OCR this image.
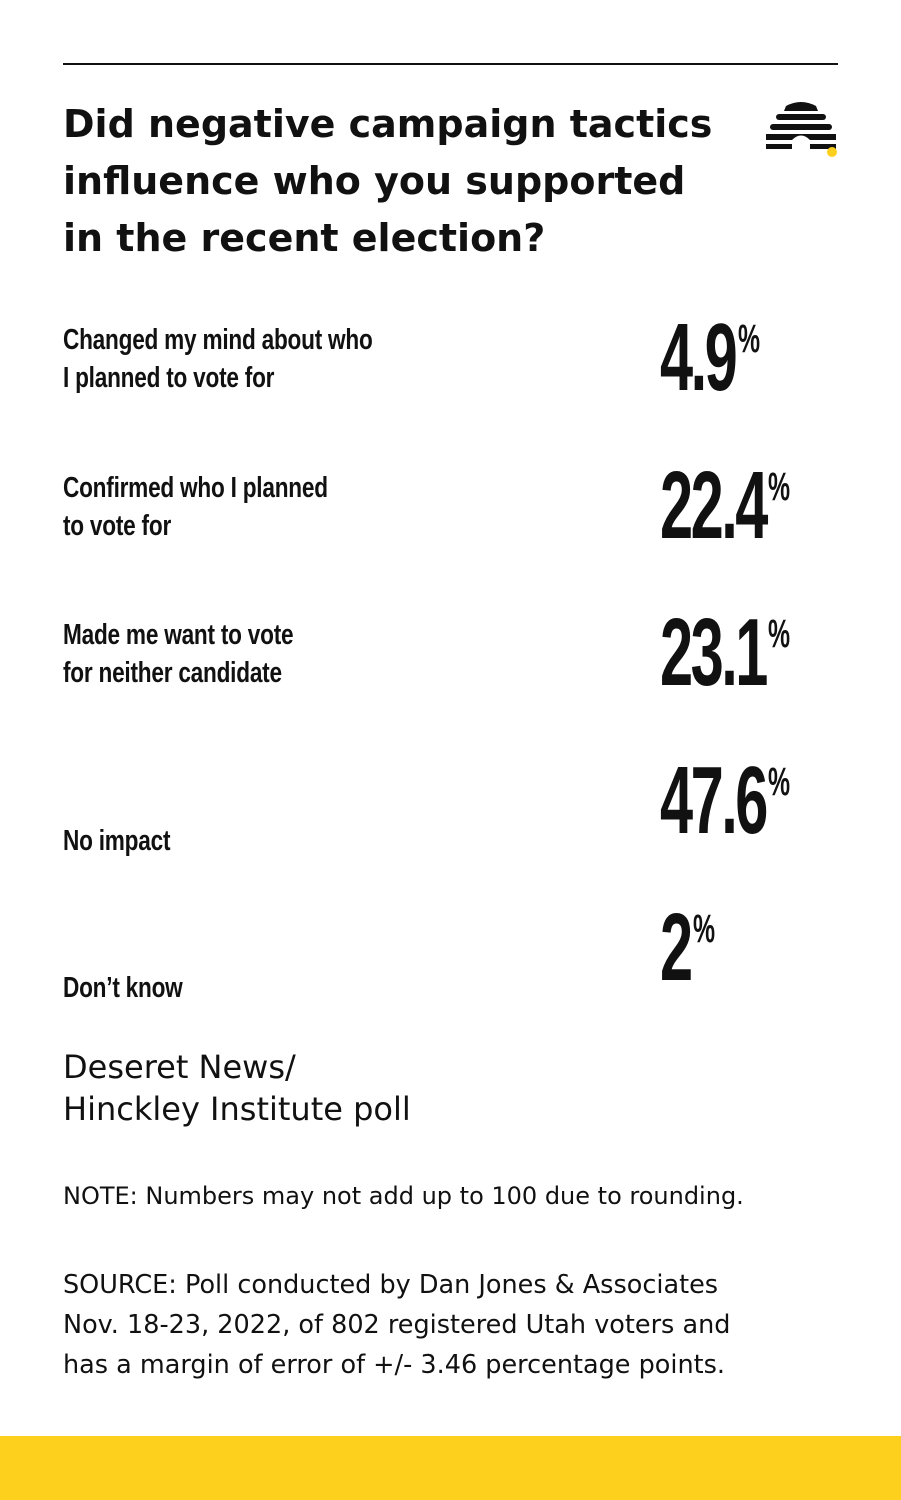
Did negative campaign tactics
influence who you supported
in the recent election?
Changed my mind about who
I planned to vote for	4.9 %
Confirmed who I planned
to vote for	22.4 %
Made me want to vote
for neither candidate	23.1 %
No impact	47.6 %
Don’t know	2 %
Deseret News/
Hinckley Institute poll
NOTE: Numbers may not add up to 100 due to rounding.
SOURCE: Poll conducted by Dan Jones & Associates
Nov. 18-23, 2022, of 802 registered Utah voters and
has a margin of error of +/- 3.46 percentage points.
